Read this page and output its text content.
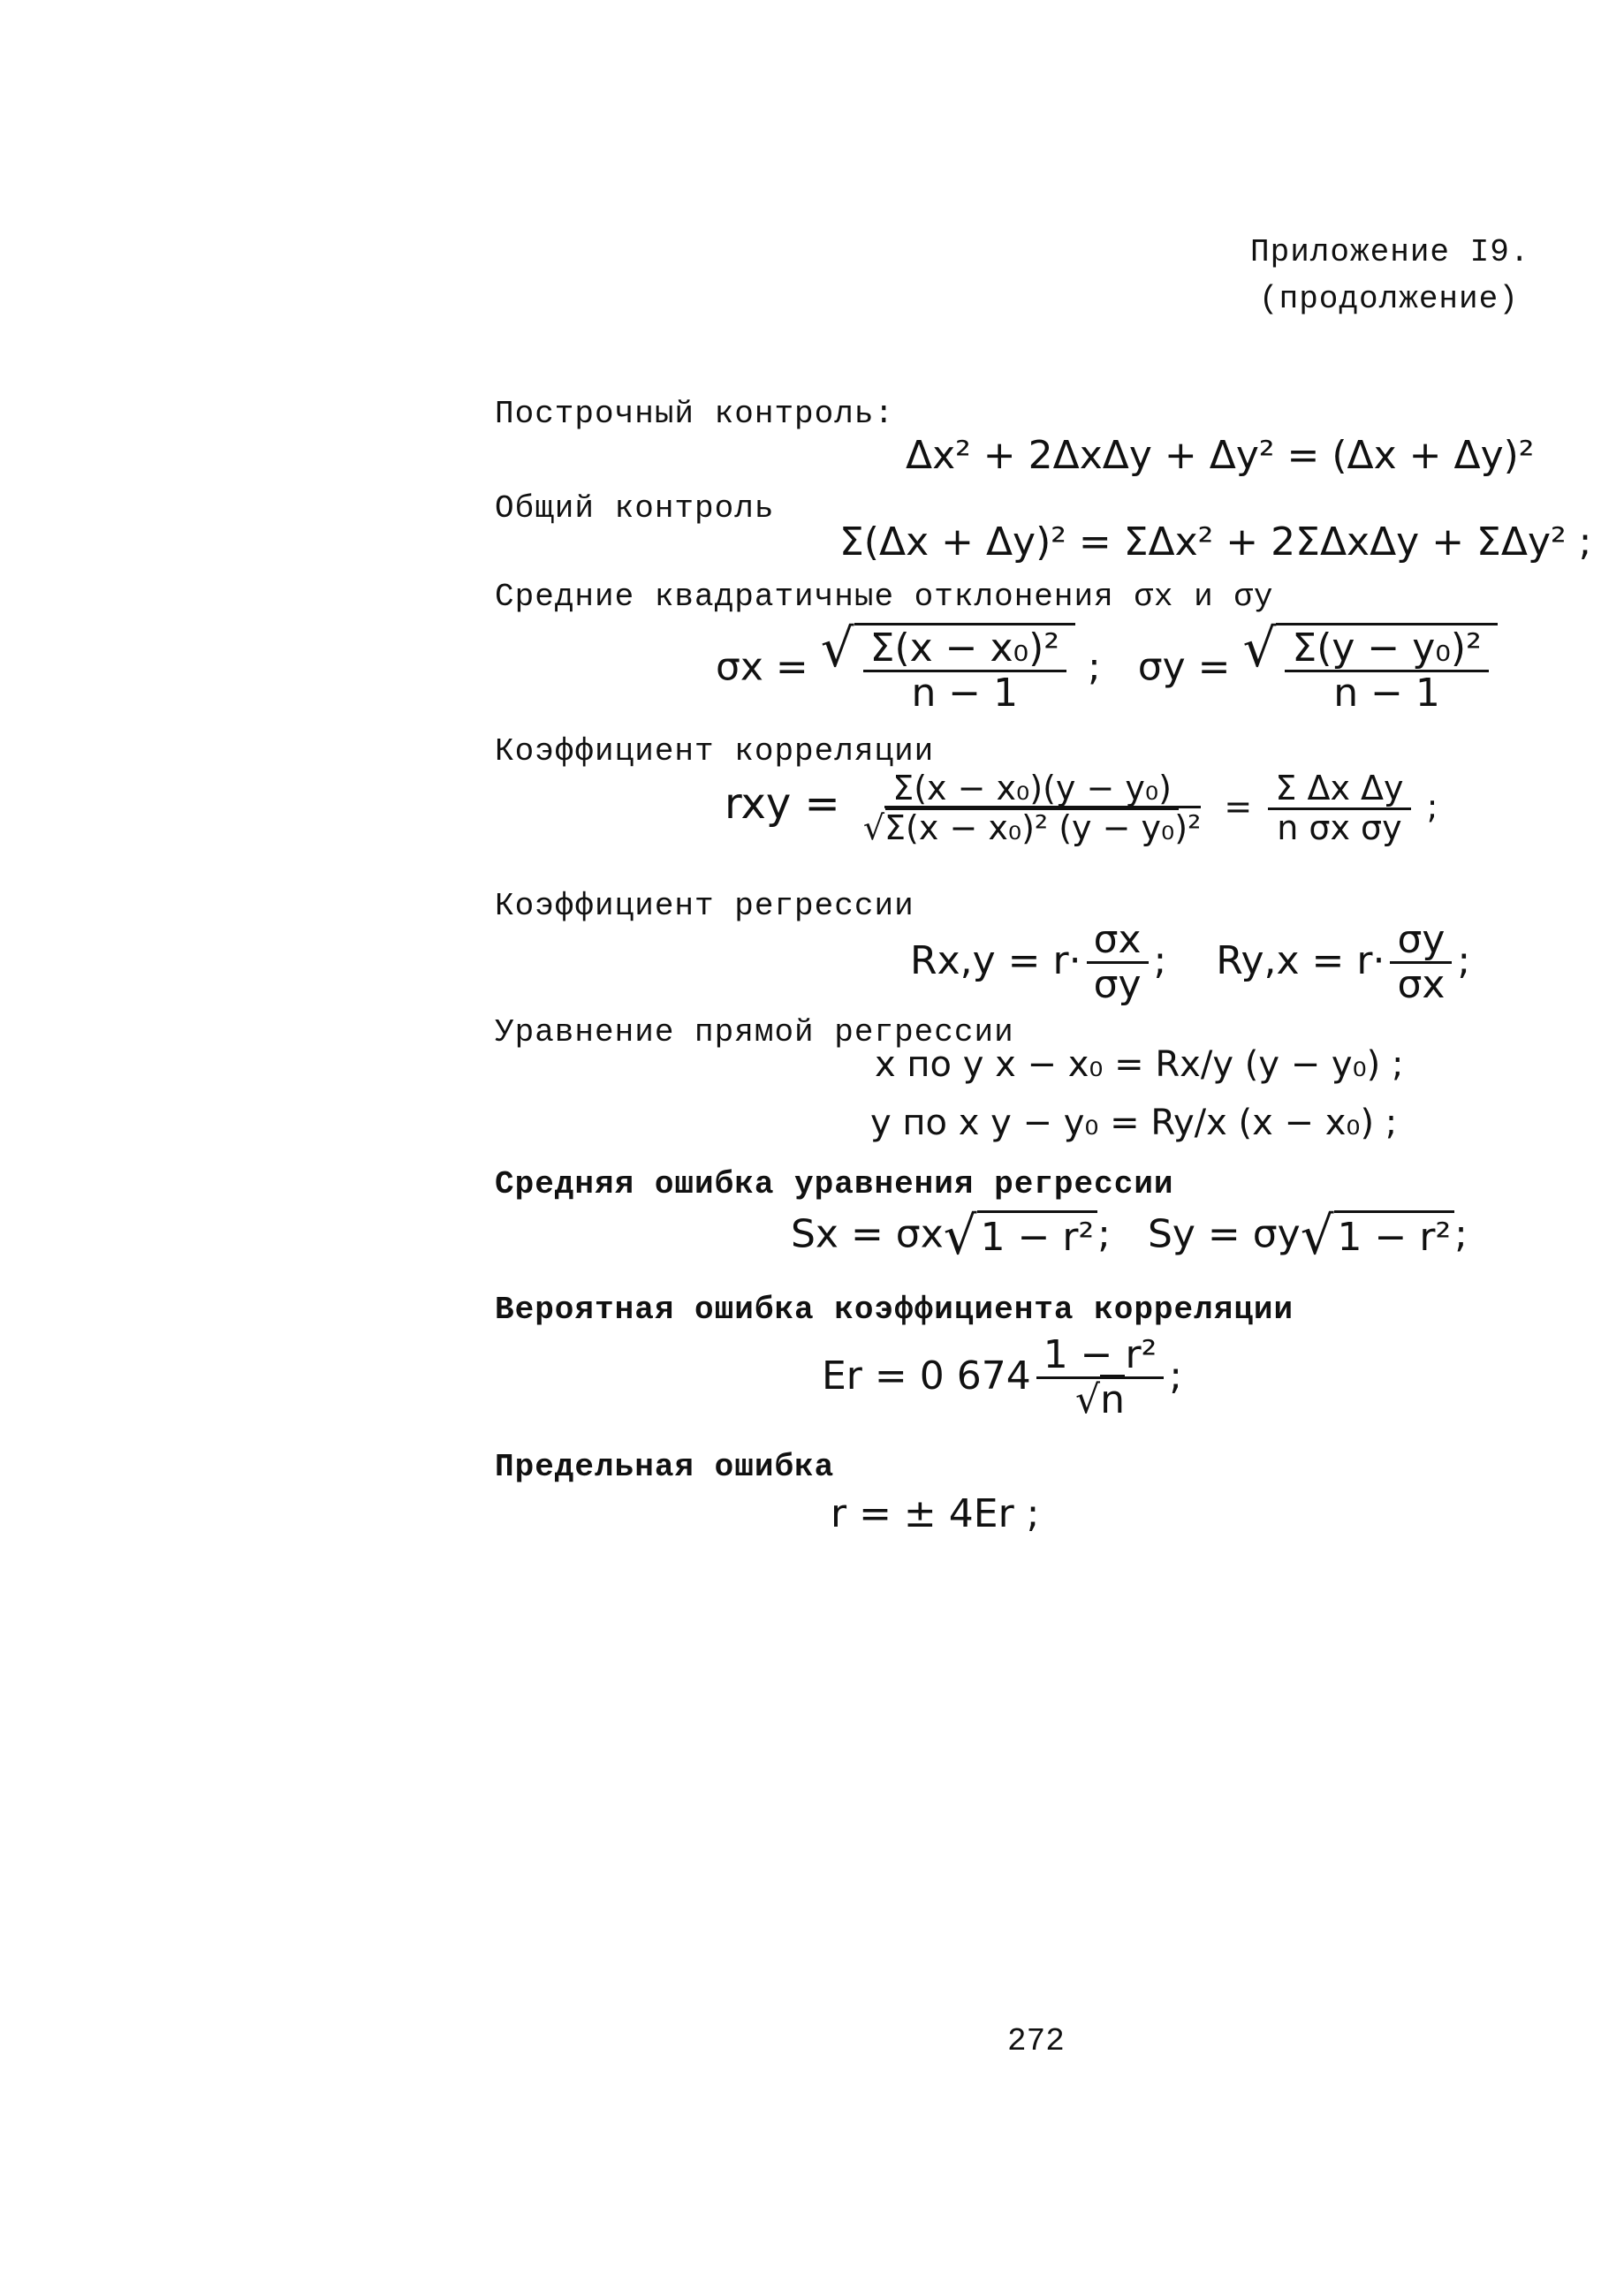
Приложение I9.
(продолжение)
Построчный контроль:
Δx² + 2ΔxΔy + Δy² = (Δx + Δy)²
Общий контроль
Σ(Δx + Δy)² = ΣΔx² + 2ΣΔxΔy + ΣΔy² ;
Средние квадратичные отклонения σx и σy
σx = √ $\frac{\text{Σ(x − x₀)²}}{n - 1}$ ; σy = √ $\frac{\text{Σ(y − y₀)²}}{n - 1}$
Коэффициент корреляции
rxy = $\frac{\text{Σ(x − x₀)(y − y₀)}}{\text{√Σ(x − x₀)² (y − y₀)²}} = \frac{\text{Σ Δx Δy}}{\text{n σx σy}}$ ;
Коэффициент регрессии
$Rx,y = r\cdot \frac{\sigma x}{\sigma y}$ ; $Ry,x = r\cdot \frac{\sigma y}{\sigma x}$ ;
Уравнение прямой регрессии
x по y x − x₀ = Rx/y (y − y₀) ;
y по x y − y₀ = Ry/x (x − x₀) ;
Средняя ошибка уравнения регрессии
Sx = σx √ 1 − r² ; Sy = σy √ 1 − r² ;
Вероятная ошибка коэффициента корреляции
Er = 0 $674 \frac{\text{1 − r²}}{√n}$ ;
Предельная ошибка
r = ± 4Er ;
272
